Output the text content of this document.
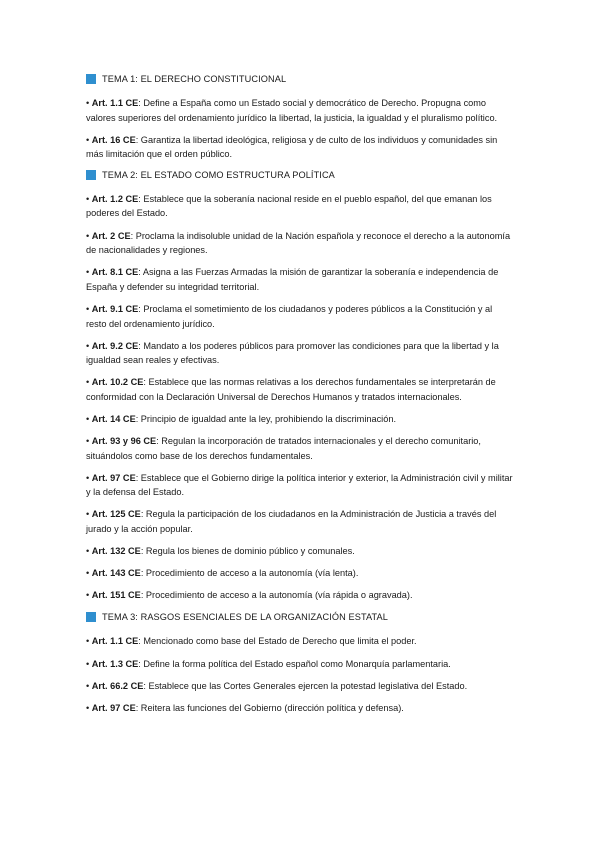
TEMA 1: EL DERECHO CONSTITUCIONAL

• Art. 1.1 CE: Define a España como un Estado social y democrático de Derecho. Propugna como valores superiores del ordenamiento jurídico la libertad, la justicia, la igualdad y el pluralismo político.

• Art. 16 CE: Garantiza la libertad ideológica, religiosa y de culto de los individuos y comunidades sin más limitación que el orden público.

TEMA 2: EL ESTADO COMO ESTRUCTURA POLÍTICA

• Art. 1.2 CE: Establece que la soberanía nacional reside en el pueblo español, del que emanan los poderes del Estado.

• Art. 2 CE: Proclama la indisoluble unidad de la Nación española y reconoce el derecho a la autonomía de nacionalidades y regiones.

• Art. 8.1 CE: Asigna a las Fuerzas Armadas la misión de garantizar la soberanía e independencia de España y defender su integridad territorial.

• Art. 9.1 CE: Proclama el sometimiento de los ciudadanos y poderes públicos a la Constitución y al resto del ordenamiento jurídico.

• Art. 9.2 CE: Mandato a los poderes públicos para promover las condiciones para que la libertad y la igualdad sean reales y efectivas.

• Art. 10.2 CE: Establece que las normas relativas a los derechos fundamentales se interpretarán de conformidad con la Declaración Universal de Derechos Humanos y tratados internacionales.

• Art. 14 CE: Principio de igualdad ante la ley, prohibiendo la discriminación.

• Art. 93 y 96 CE: Regulan la incorporación de tratados internacionales y el derecho comunitario, situándolos como base de los derechos fundamentales.

• Art. 97 CE: Establece que el Gobierno dirige la política interior y exterior, la Administración civil y militar y la defensa del Estado.

• Art. 125 CE: Regula la participación de los ciudadanos en la Administración de Justicia a través del jurado y la acción popular.

• Art. 132 CE: Regula los bienes de dominio público y comunales.

• Art. 143 CE: Procedimiento de acceso a la autonomía (vía lenta).

• Art. 151 CE: Procedimiento de acceso a la autonomía (vía rápida o agravada).

TEMA 3: RASGOS ESENCIALES DE LA ORGANIZACIÓN ESTATAL

• Art. 1.1 CE: Mencionado como base del Estado de Derecho que limita el poder.

• Art. 1.3 CE: Define la forma política del Estado español como Monarquía parlamentaria.

• Art. 66.2 CE: Establece que las Cortes Generales ejercen la potestad legislativa del Estado.

• Art. 97 CE: Reitera las funciones del Gobierno (dirección política y defensa).
